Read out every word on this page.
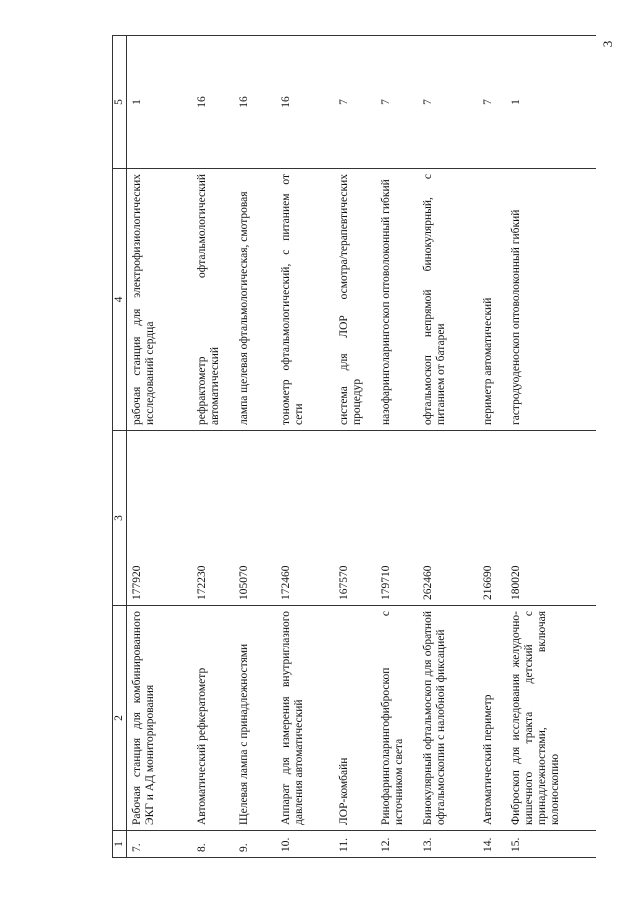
3
1	2	3	4	5
7.	Рабочая станция для комбинированного ЭКГ и АД мониторирования	177920	рабочая станция для электрофизиологических исследований сердца	1
8.	Автоматический рефкератометр	172230	рефрактометр офтальмологический автоматический	16
9.	Щелевая лампа с принадлежностями	105070	лампа щелевая офтальмологическая, смотровая	16
10.	Аппарат для измерения внутриглазного давления автоматический	172460	тонометр офтальмологический, с питанием от сети	16
11.	ЛОР-комбайн	167570	система для ЛОР осмотра/терапевтических процедур	7
12.	Ринофаринголарингофиброскоп с источником света	179710	назофаринголарингоскоп оптоволоконный гибкий	7
13.	Бинокулярный офтальмоскоп для обратной офтальмоскопии с налобной фиксацией	262460	офтальмоскоп непрямой бинокулярный, с питанием от батареи	7
14.	Автоматический периметр	216690	периметр автоматический	7
15.	Фиброскоп для исследования желудочно-кишечного тракта детский с принадлежностями, включая колоноскопию	180020	гастродуоденоскоп оптоволоконный гибкий	1
